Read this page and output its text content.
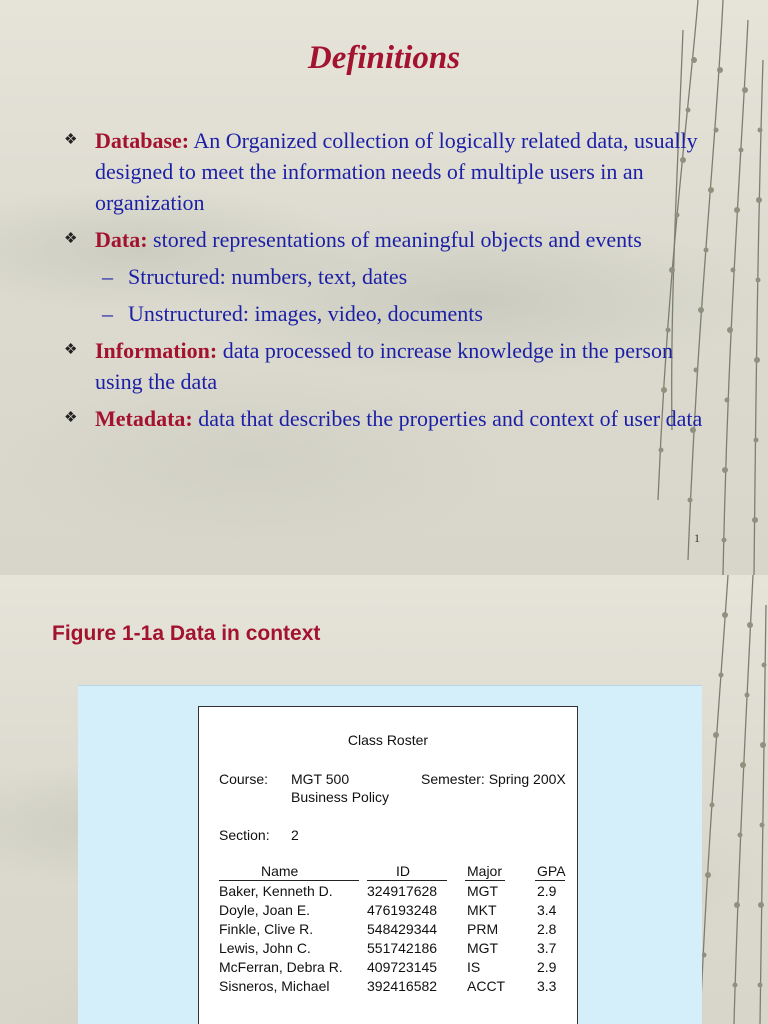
Definitions
❖ Database: An Organized collection of logically related data, usually designed to meet the information needs of multiple users in an organization
❖ Data: stored representations of meaningful objects and events
– Structured: numbers, text, dates
– Unstructured: images, video, documents
❖ Information: data processed to increase knowledge in the person using the data
❖ Metadata: data that describes the properties and context of user data
1
Figure 1-1a Data in context
Class Roster
Course: MGT 500
Business Policy
Semester: Spring 200X
Section: 2
Name	ID	Major GPA
Baker, Kenneth D. 324917628 MGT	2.9
Doyle, Joan E.	476193248 MKT	3.4
Finkle, Clive R.	548429344 PRM	2.8
Lewis, John C.	551742186 MGT	3.7
McFerran, Debra R. 409723145 IS	2.9
Sisneros, Michael	392416582 ACCT 3.3
